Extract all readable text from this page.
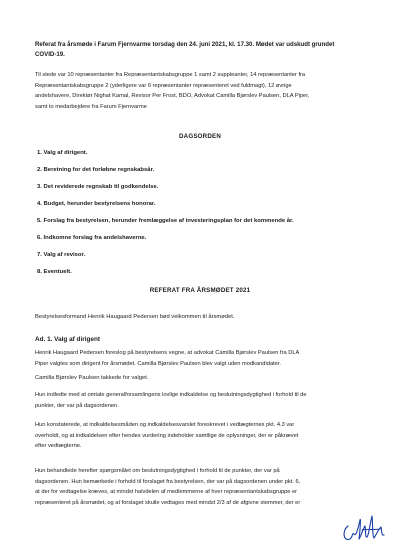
Referat fra årsmøde i Farum Fjernvarme torsdag den 24. juni 2021, kl. 17.30. Mødet var udskudt grundet
COVID-19.
Til stede var 10 repræsentanter fra Repræsentantskabsgruppe 1 samt 2 suppleanter, 14 repræsentanter fra
Repræsentantskabsgruppe 2 (yderligere var 6 repræsentanter repræsenteret ved fuldmagt), 12 øvrige
andelshavere, Direktør Nighat Kamal, Revisor Per Frost, BDO, Advokat Camilla Bjørslev Paulsen, DLA Piper,
samt to medarbejdere fra Farum Fjernvarme
DAGSORDEN
1. Valg af dirigent.
2. Beretning for det forløbne regnskabsår.
3. Det reviderede regnskab til godkendelse.
4. Budget, herunder bestyrelsens honorar.
5. Forslag fra bestyrelsen, herunder fremlæggelse af investeringsplan for det kommende år.
6. Indkomne forslag fra andelshaverne.
7. Valg af revisor.
8. Eventuelt.
REFERAT FRA ÅRSMØDET 2021
Bestyrelsesformand Henrik Haugaard Pedersen bød velkommen til årsmødet.
Ad. 1. Valg af dirigent
Henrik Haugaard Pedersen foreslog på bestyrelsens vegne, at advokat Camilla Bjørslev Paulsen fra DLA
Piper valgtes som dirigent for årsmødet. Camilla Bjørslev Paulsen blev valgt uden modkandidater.
Camilla Bjørslev Paulsen takkede for valget.
Hun indledte med at omtale generalforsamlingens lovlige indkaldelse og beslutningsdygtighed i forhold til de
punkter, der var på dagsordenen.
Hun konstaterede, at indkaldelsesmåden og indkaldelsesvarslet foreskrevet i vedtægternes pkt. 4.3 var
overholdt, og at indkaldelsen efter hendes vurdering indeholder samtlige de oplysninger, der er påkrævet
efter vedtægterne.
Hun behandlede herefter spørgsmålet om beslutningsdygtighed i forhold til de punkter, der var på
dagsordenen. Hun bemærkede i forhold til forslaget fra bestyrelsen, der var på dagsordenen under pkt. 6,
at der for vedtagelse kræves, at mindst halvdelen af medlemmerne af hver repræsentantskabsgruppe er
repræsenteret på årsmødet, og at forslaget skulle vedtages med mindst 2/3 af de afgivne stemmer, der er
